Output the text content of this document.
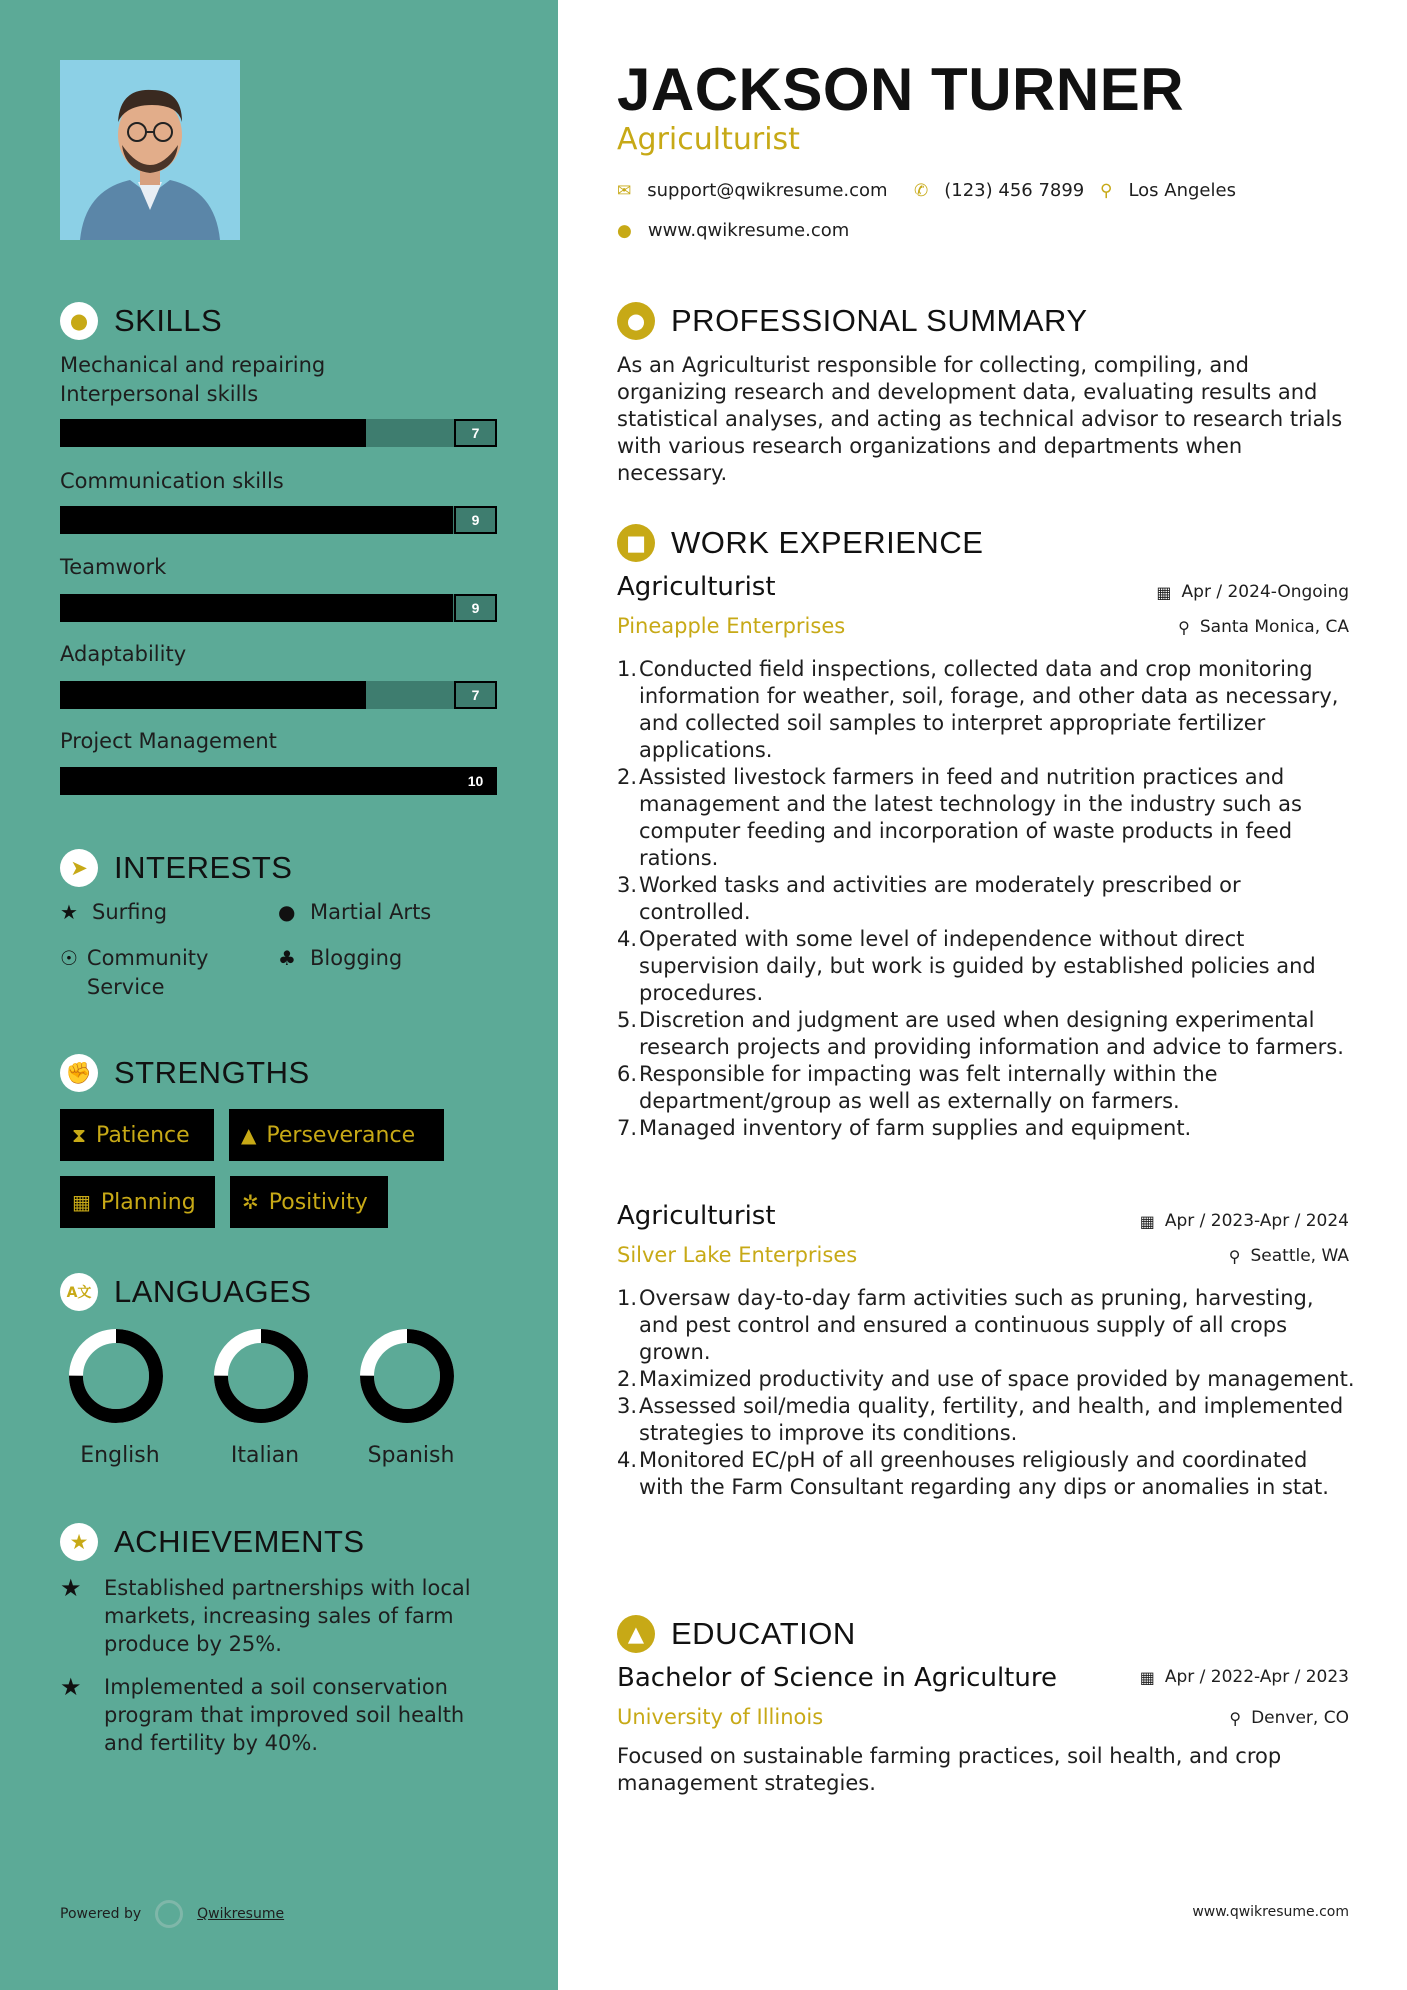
● SKILLS
Mechanical and repairing
Interpersonal skills
7
Communication skills
9
Teamwork
9
Adaptability
7
Project Management
10
➤ INTERESTS
★ Surfing	● Martial Arts
☉ Community Service
♣ Blogging
✊ STRENGTHS
⧗ Patience	▲ Perseverance
▦ Planning ✲ Positivity
A文 LANGUAGES
English	Italian	Spanish
★ ACHIEVEMENTS
★	Established partnerships with local markets, increasing sales of farm produce by 25%.
★	Implemented a soil conservation program that improved soil health and fertility by 40%.
Powered by	Qwikresume
JACKSON TURNER
Agriculturist
✉ support@qwikresume.com ✆ (123) 456 7899 ⚲ Los Angeles
● www.qwikresume.com
● PROFESSIONAL SUMMARY
As an Agriculturist responsible for collecting, compiling, and organizing research and development data, evaluating results and statistical analyses, and acting as technical advisor to research trials with various research organizations and departments when necessary.
■ WORK EXPERIENCE
Agriculturist	▦ Apr / 2024-Ongoing
Pineapple Enterprises	⚲ Santa Monica, CA
1. Conducted field inspections, collected data and crop monitoring information for weather, soil, forage, and other data as necessary, and collected soil samples to interpret appropriate fertilizer applications.
2. Assisted livestock farmers in feed and nutrition practices and management and the latest technology in the industry such as computer feeding and incorporation of waste products in feed rations.
3. Worked tasks and activities are moderately prescribed or controlled.
4. Operated with some level of independence without direct supervision daily, but work is guided by established policies and procedures.
5. Discretion and judgment are used when designing experimental research projects and providing information and advice to farmers.
6. Responsible for impacting was felt internally within the department/group as well as externally on farmers.
7. Managed inventory of farm supplies and equipment.
Agriculturist	▦ Apr / 2023-Apr / 2024
Silver Lake Enterprises	⚲ Seattle, WA
1. Oversaw day-to-day farm activities such as pruning, harvesting, and pest control and ensured a continuous supply of all crops grown.
2. Maximized productivity and use of space provided by management.
3. Assessed soil/media quality, fertility, and health, and implemented strategies to improve its conditions.
4. Monitored EC/pH of all greenhouses religiously and coordinated with the Farm Consultant regarding any dips or anomalies in stat.
▲ EDUCATION
Bachelor of Science in Agriculture	▦ Apr / 2022-Apr / 2023
University of Illinois	⚲ Denver, CO
Focused on sustainable farming practices, soil health, and crop management strategies.
www.qwikresume.com
